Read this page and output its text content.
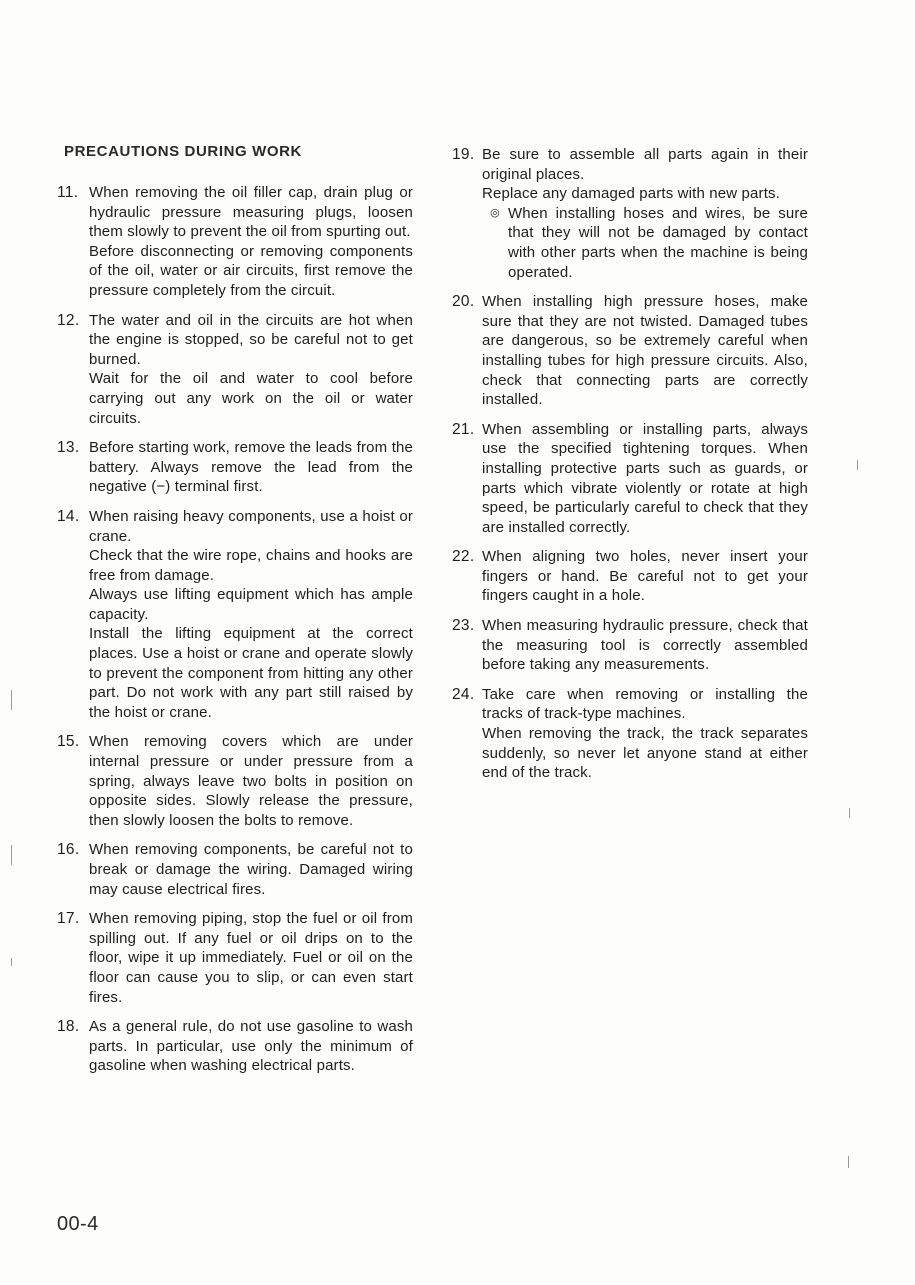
PRECAUTIONS DURING WORK
11. When removing the oil filler cap, drain plug or hydraulic pressure measuring plugs, loosen them slowly to prevent the oil from spurting out.

Before disconnecting or removing components of the oil, water or air circuits, first remove the pressure completely from the circuit.

12. The water and oil in the circuits are hot when the engine is stopped, so be careful not to get burned.

Wait for the oil and water to cool before carrying out any work on the oil or water circuits.

13. Before starting work, remove the leads from the battery. Always remove the lead from the negative (−) terminal first.

14. When raising heavy components, use a hoist or crane.

Check that the wire rope, chains and hooks are free from damage.

Always use lifting equipment which has ample capacity.

Install the lifting equipment at the correct places. Use a hoist or crane and operate slowly to prevent the component from hitting any other part. Do not work with any part still raised by the hoist or crane.

15. When removing covers which are under internal pressure or under pressure from a spring, always leave two bolts in position on opposite sides. Slowly release the pressure, then slowly loosen the bolts to remove.

16. When removing components, be careful not to break or damage the wiring. Damaged wiring may cause electrical fires.

17. When removing piping, stop the fuel or oil from spilling out. If any fuel or oil drips on to the floor, wipe it up immediately. Fuel or oil on the floor can cause you to slip, or can even start fires.

18. As a general rule, do not use gasoline to wash parts. In particular, use only the minimum of gasoline when washing electrical parts.

19. Be sure to assemble all parts again in their original places.

Replace any damaged parts with new parts.

◎ When installing hoses and wires, be sure that they will not be damaged by contact with other parts when the machine is being operated.
20. When installing high pressure hoses, make sure that they are not twisted. Damaged tubes are dangerous, so be extremely careful when installing tubes for high pressure circuits. Also, check that connecting parts are correctly installed.

21. When assembling or installing parts, always use the specified tightening torques. When installing protective parts such as guards, or parts which vibrate violently or rotate at high speed, be particularly careful to check that they are installed correctly.

22. When aligning two holes, never insert your fingers or hand. Be careful not to get your fingers caught in a hole.

23. When measuring hydraulic pressure, check that the measuring tool is correctly assembled before taking any measurements.

24. Take care when removing or installing the tracks of track-type machines.

When removing the track, the track separates suddenly, so never let anyone stand at either end of the track.

00-4
